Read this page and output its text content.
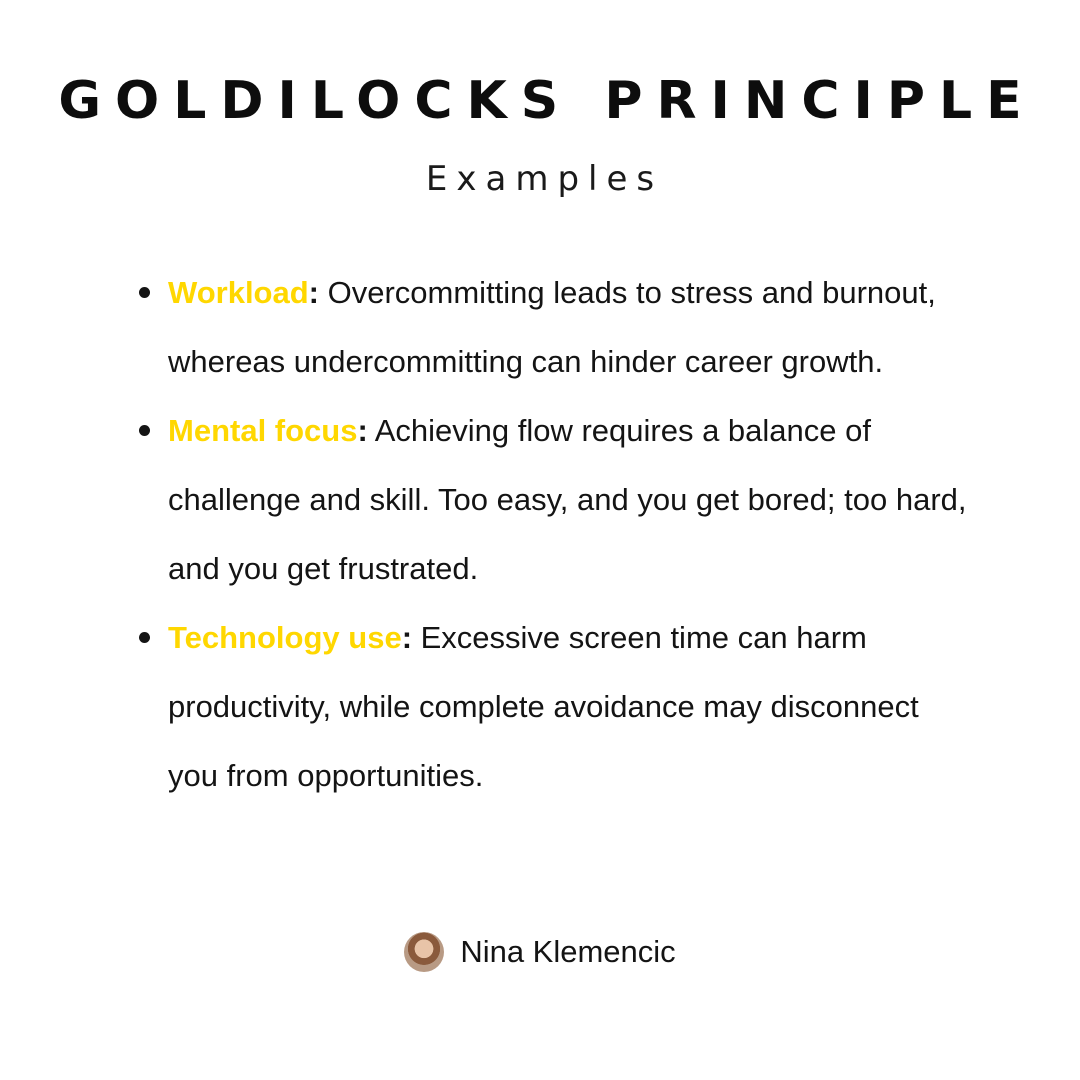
GOLDILOCKS PRINCIPLE
Examples
Workload: Overcommitting leads to stress and burnout, whereas undercommitting can hinder career growth.
Mental focus: Achieving flow requires a balance of challenge and skill. Too easy, and you get bored; too hard, and you get frustrated.
Technology use: Excessive screen time can harm productivity, while complete avoidance may disconnect you from opportunities.
Nina Klemencic
